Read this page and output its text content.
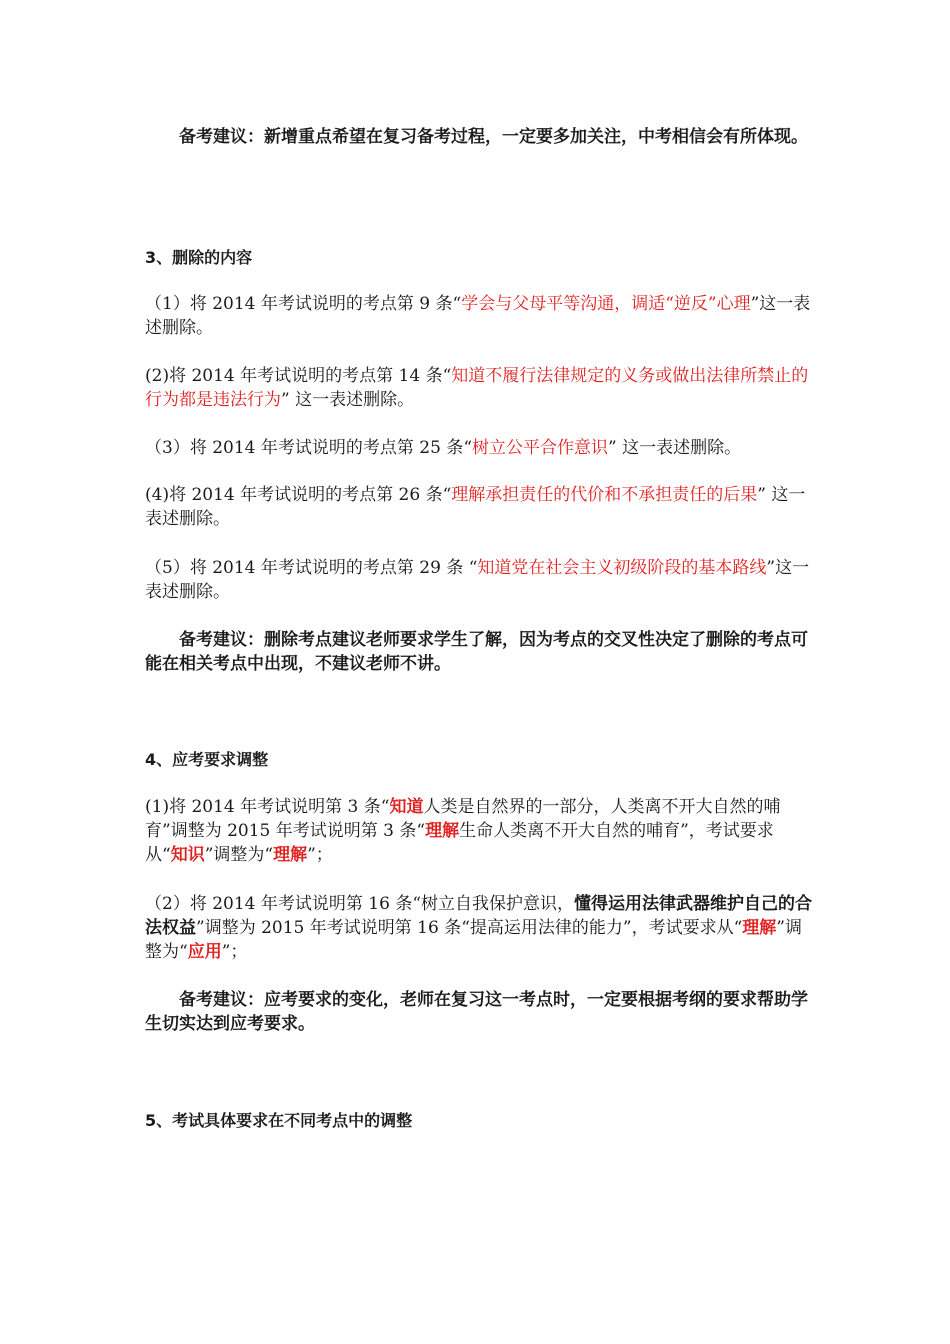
备考建议：新增重点希望在复习备考过程，一定要多加关注，中考相信会有所体现。

3、删除的内容

（1）将 2014 年考试说明的考点第 9 条“学会与父母平等沟通，调适“逆反”心理”这一表述删除。

(2)将 2014 年考试说明的考点第 14 条“知道不履行法律规定的义务或做出法律所禁止的行为都是违法行为” 这一表述删除。

（3）将 2014 年考试说明的考点第 25 条“树立公平合作意识” 这一表述删除。

(4)将 2014 年考试说明的考点第 26 条“理解承担责任的代价和不承担责任的后果” 这一表述删除。

（5）将 2014 年考试说明的考点第 29 条 “知道党在社会主义初级阶段的基本路线”这一表述删除。

备考建议：删除考点建议老师要求学生了解，因为考点的交叉性决定了删除的考点可能在相关考点中出现，不建议老师不讲。

4、应考要求调整

(1)将 2014 年考试说明第 3 条“知道人类是自然界的一部分，人类离不开大自然的哺育”调整为 2015 年考试说明第 3 条“理解生命人类离不开大自然的哺育”，考试要求从“知识”调整为“理解”；

（2）将 2014 年考试说明第 16 条“树立自我保护意识，懂得运用法律武器维护自己的合法权益”调整为 2015 年考试说明第 16 条“提高运用法律的能力”，考试要求从“理解”调整为“应用”；

备考建议：应考要求的变化，老师在复习这一考点时，一定要根据考纲的要求帮助学生切实达到应考要求。

5、考试具体要求在不同考点中的调整
